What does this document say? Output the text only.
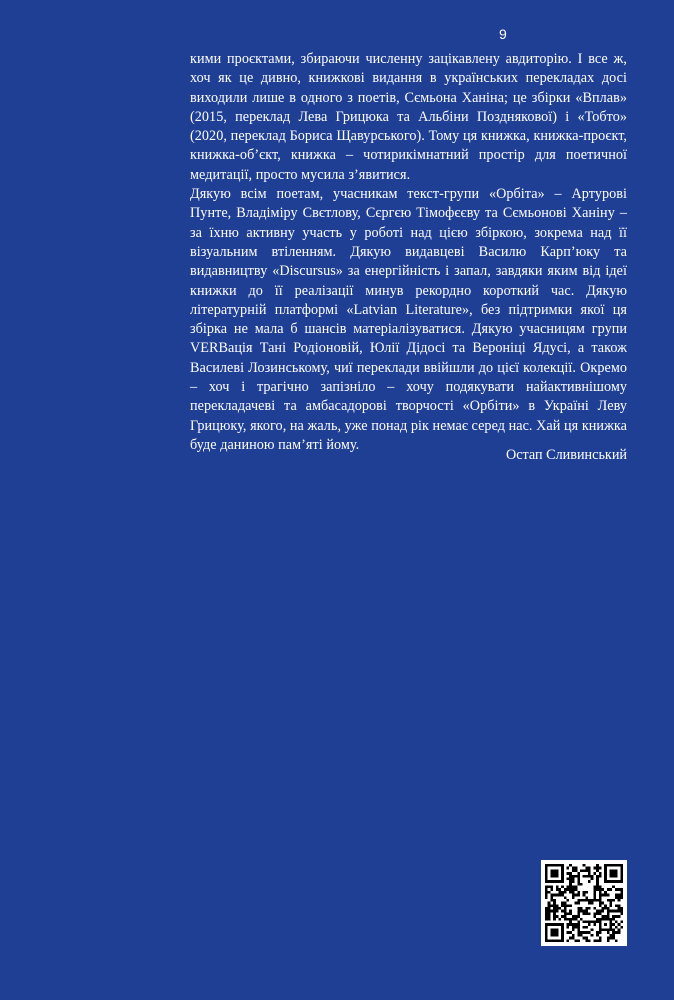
9

кими проєктами, збираючи численну зацікавлену авдиторію. І все ж, хоч як це дивно, книжкові видання в українських перекладах досі виходили лише в одного з поетів, Сємьона Ханіна; це збірки «Вплав» (2015, переклад Лева Грицюка та Альбіни Позднякової) і «Тобто» (2020, переклад Бориса Щавурського). Тому ця книжка, книжка-проєкт, книжка-об’єкт, книжка – чотирикімнатний простір для поетичної медитації, просто мусила з’явитися.

Дякую всім поетам, учасникам текст-групи «Орбіта» – Артурові Пунте, Владіміру Свєтлову, Сєргєю Тімофєєву та Сємьонові Ханіну – за їхню активну участь у роботі над цією збіркою, зокрема над її візуальним втіленням. Дякую видавцеві Василю Карп’юку та видавництву «Discursus» за енергійність і запал, завдяки яким від ідеї книжки до її реалізації минув рекордно короткий час. Дякую літературній платформі «Latvian Literature», без підтримки якої ця збірка не мала б шансів матеріалізуватися. Дякую учасницям групи VERBація Тані Родіоновій, Юлії Дідосі та Вероніці Ядусі, а також Василеві Лозинському, чиї переклади ввійшли до цієї колекції. Окремо – хоч і трагічно запізніло – хочу подякувати найактивнішому перекладачеві та амбасадорові творчості «Орбіти» в Україні Леву Грицюку, якого, на жаль, уже понад рік немає серед нас. Хай ця книжка буде даниною пам’яті йому.

Остап Сливинський
